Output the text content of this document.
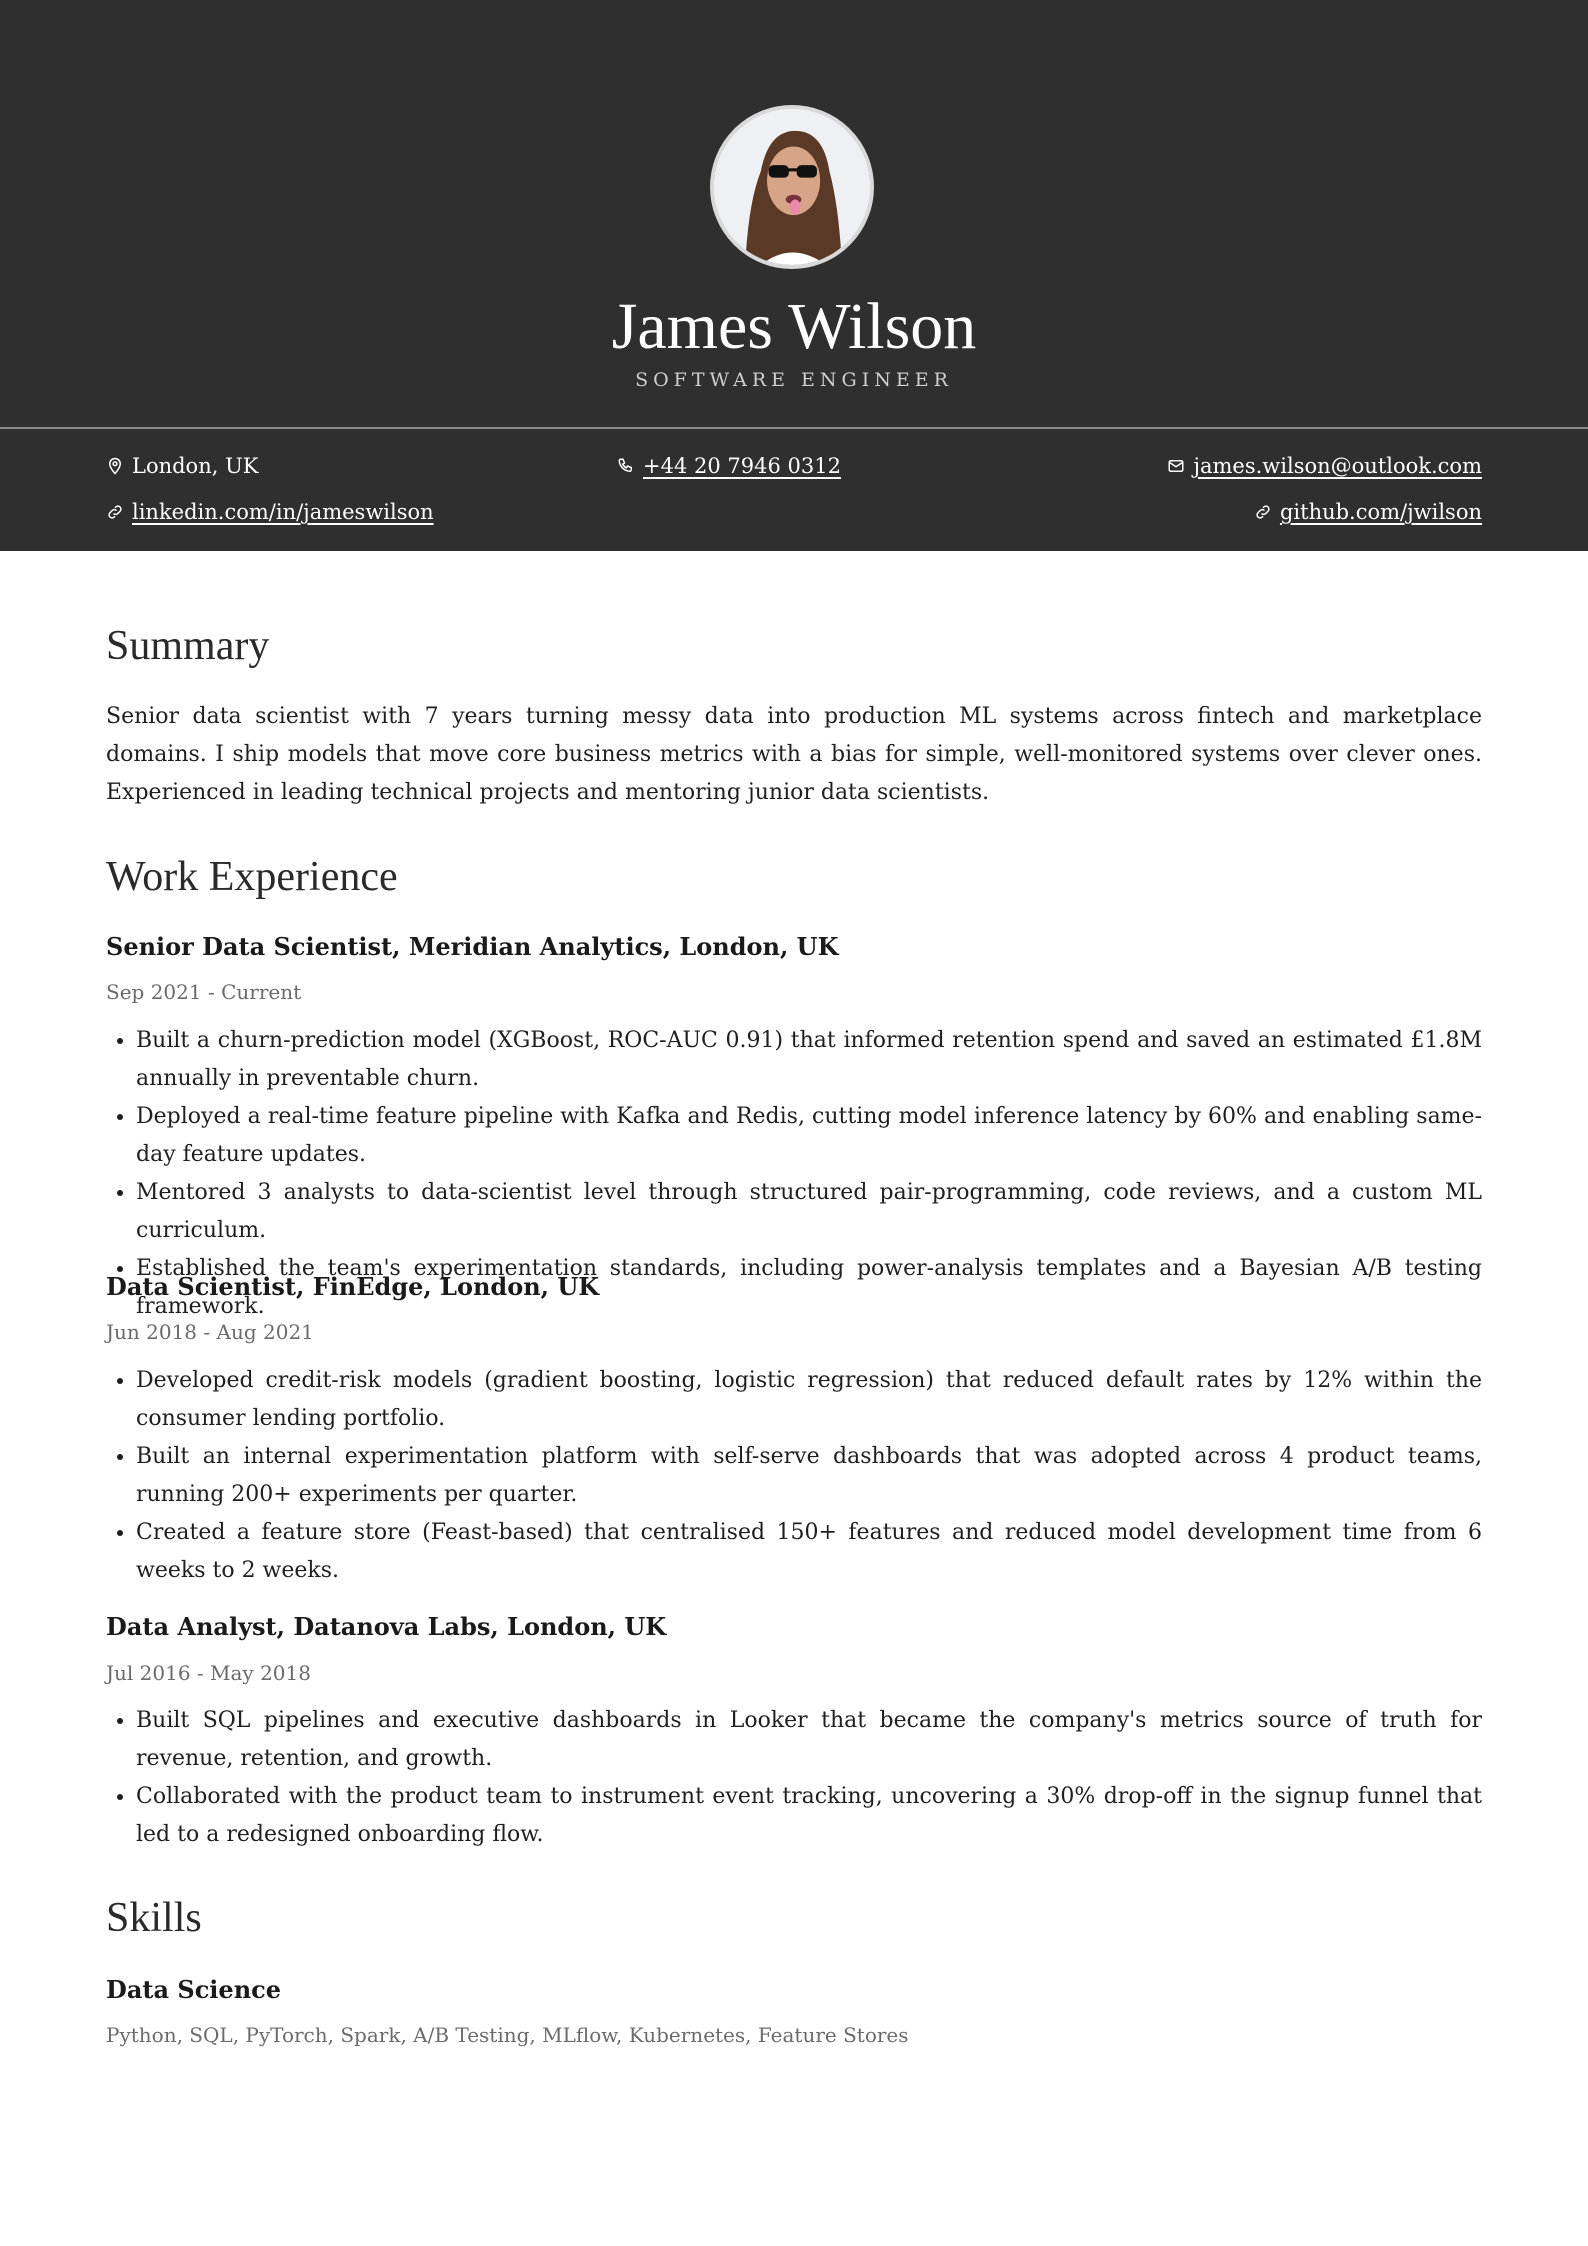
James Wilson
SOFTWARE ENGINEER
London, UK	+44 20 7946 0312	james.wilson@outlook.com
linkedin.com/in/jameswilson	github.com/jwilson
Summary
Senior data scientist with 7 years turning messy data into production ML systems across fintech and marketplace domains. I ship models that move core business metrics with a bias for simple, well-monitored systems over clever ones. Experienced in leading technical projects and mentoring junior data scientists.
Work Experience
Senior Data Scientist, Meridian Analytics, London, UK
Sep 2021 - Current
• Built a churn-prediction model (XGBoost, ROC-AUC 0.91) that informed retention spend and saved an estimated £1.8M annually in preventable churn.
• Deployed a real-time feature pipeline with Kafka and Redis, cutting model inference latency by 60% and enabling same-day feature updates.
• Mentored 3 analysts to data-scientist level through structured pair-programming, code reviews, and a custom ML curriculum.
• Established the team's experimentation standards, including power-analysis templates and a Bayesian A/B testing framework.
Data Scientist, FinEdge, London, UK
Jun 2018 - Aug 2021
• Developed credit-risk models (gradient boosting, logistic regression) that reduced default rates by 12% within the consumer lending portfolio.
• Built an internal experimentation platform with self-serve dashboards that was adopted across 4 product teams, running 200+ experiments per quarter.
• Created a feature store (Feast-based) that centralised 150+ features and reduced model development time from 6 weeks to 2 weeks.
Data Analyst, Datanova Labs, London, UK
Jul 2016 - May 2018
• Built SQL pipelines and executive dashboards in Looker that became the company's metrics source of truth for revenue, retention, and growth.
• Collaborated with the product team to instrument event tracking, uncovering a 30% drop-off in the signup funnel that led to a redesigned onboarding flow.
Skills
Data Science
Python, SQL, PyTorch, Spark, A/B Testing, MLflow, Kubernetes, Feature Stores
